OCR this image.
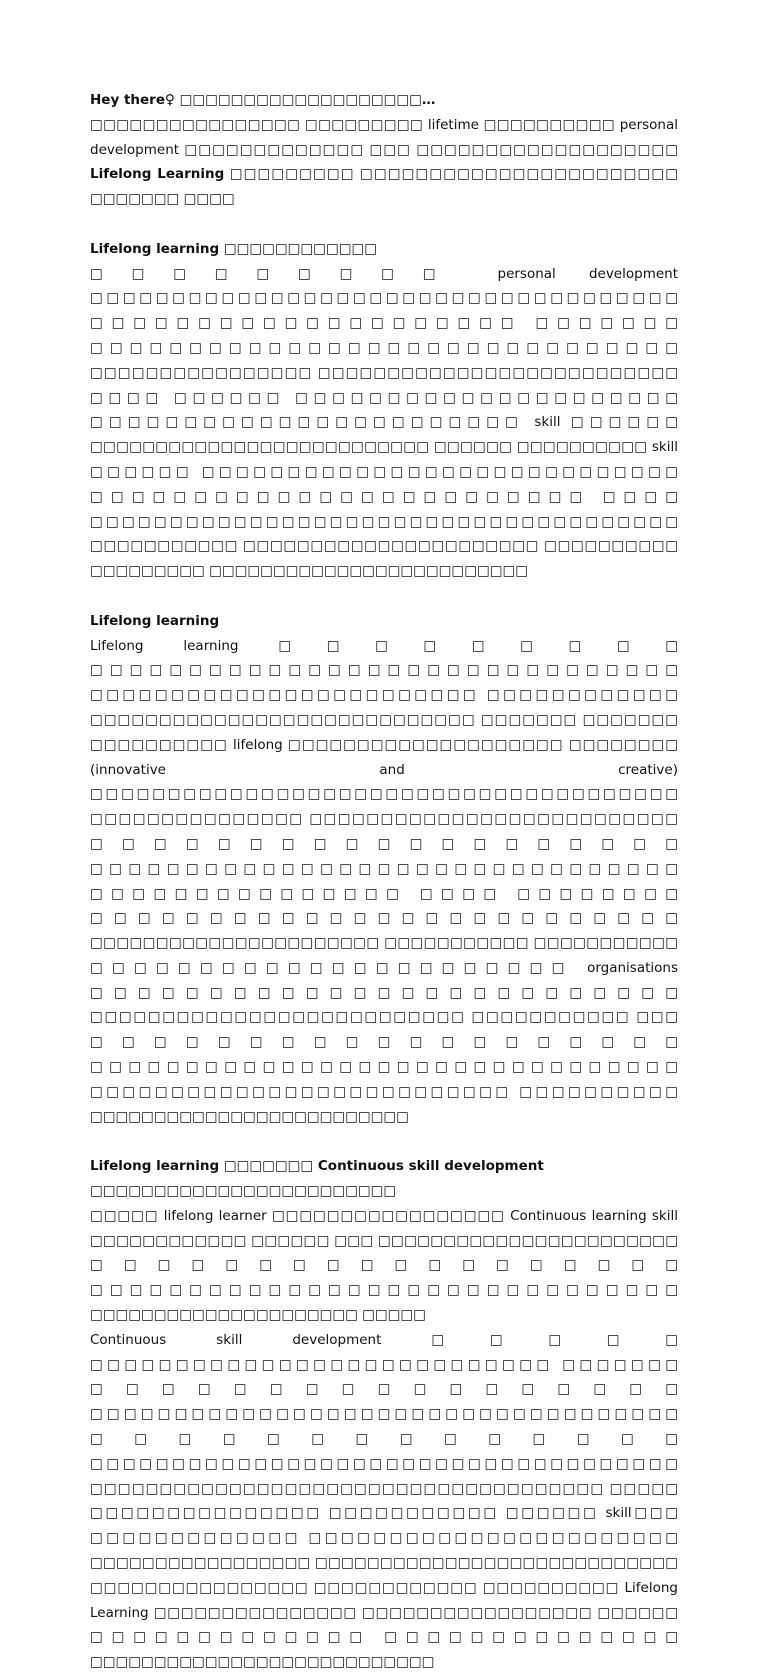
Hey there♀ □□□□□□□□□□□□□□□□□□□…

□□□□□□□□□□□□□□□□ □□□□□□□□□ lifetime □□□□□□□□□□ personal development □□□□□□□□□□□□□ □□□ □□□□□□□□□□□□□□□□□□□ Lifelong Learning □□□□□□□□□ □□□□□□□□□□□□□□□□□□□□□□□ □□□□□□□ □□□□

Lifelong learning □□□□□□□□□□□□

□□□□□□□□□ personal development □□□□□□□□□□□□□□□□□□□□□□□□□□□□□□□□□□□□ □□□□□□□□□□□□□□□□□□□□ □□□□□□□ □□□□□□□□□□□□□□□□□□□□□□□□□□□□□□ □□□□□□□□□□□□□□□□ □□□□□□□□□□□□□□□□□□□□□□□□□□ □□□□ □□□□□□ □□□□□□□□□□□□□□□□□□□□□ □□□□□□□□□□□□□□□□□□□□□□□ skill □□□□□□ □□□□□□□□□□□□□□□□□□□□□□□□□□ □□□□□□ □□□□□□□□□□ skill □□□□□□ □□□□□□□□□□□□□□□□□□□□□□□□□□□□ □□□□□□□□□□□□□□□□□□□□□□□□ □□□□ □□□□□□□□□□□□□□□□□□□□□□□□□□□□□□□□□□□□□ □□□□□□□□□□□ □□□□□□□□□□□□□□□□□□□□□□ □□□□□□□□□□ □□□□□□□□□ □□□□□□□□□□□□□□□□□□□□□□□□□

Lifelong learning

Lifelong learning □□□□□□□□□ □□□□□□□□□□□□□□□□□□□□□□□□□□□□□□ □□□□□□□□□□□□□□□□□□□□□□□□ □□□□□□□□□□□□ □□□□□□□□□□□□□□□□□□□□□□□□□□□□ □□□□□□□ □□□□□□□ □□□□□□□□□□ lifelong □□□□□□□□□□□□□□□□□□□□ □□□□□□□□ (innovative and creative) □□□□□□□□□□□□□□□□□□□□□□□□□□□□□□□□□□□□□□ □□□□□□□□□□□□□□□ □□□□□□□□□□□□□□□□□□□□□□□□□□ □□□□□□□□□□□□□□□□□□□ □□□□□□□□□□□□□□□□□□□□□□□□□□□□□□□ □□□□□□□□□□□□□□□ □□□□ □□□□□□□□ □□□□□□□□□□□□□□□□□□□□□□□□□ □□□□□□□□□□□□□□□□□□□□□□ □□□□□□□□□□□ □□□□□□□□□□□ □□□□□□□□□□□□□□□□□□□□□□ organisations □□□□□□□□□□□□□□□□□□□□□□□□□ □□□□□□□□□□□□□□□□□□□□□□□□□□ □□□□□□□□□□□ □□□ □□□□□□□□□□□□□□□□□□□ □□□□□□□□□□□□□□□□□□□□□□□□□□□□□□□ □□□□□□□□□□□□□□□□□□□□□□□□□□ □□□□□□□□□□ □□□□□□□□□□□□□□□□□□□□□□□□□

Lifelong learning □□□□□□□ Continuous skill development □□□□□□□□□□□□□□□□□□□□□□□□

□□□□□ lifelong learner □□□□□□□□□□□□□□□□□ Continuous learning skill □□□□□□□□□□□□ □□□□□□ □□□ □□□□□□□□□□□□□□□□□□□□□□□ □□□□□□□□□□□□□□□□□□ □□□□□□□□□□□□□□□□□□□□□□□□□□□□□□ □□□□□□□□□□□□□□□□□□□□□ □□□□□

Continuous skill development □□□□□ □□□□□□□□□□□□□□□□□□□□□□□□□□□ □□□□□□□ □□□□□□□□□□□□□□□□□ □□□□□□□□□□□□□□□□□□□□□□□□□□□□□□□□□□□ □□□□□□□□□□□□□□ □□□□□□□□□□□□□□□□□□□□□□□□□□□□□□□□□□□□ □□□□□□□□□□□□□□□□□□□□□□□□□□□□□□□□□□□□□ □□□□□ □□□□□□□□□□□□□□□ □□□□□□□□□□□ □□□□□□ skill□□□ □□□□□□□□□□□□□ □□□□□□□□□□□□□□□□□□□□□□□ □□□□□□□□□□□□□□□□□ □□□□□□□□□□□□□□□□□□□□□□□□□□□□ □□□□□□□□□□□□□□□□ □□□□□□□□□□□□ □□□□□□□□□□ Lifelong Learning □□□□□□□□□□□□□□□ □□□□□□□□□□□□□□□□□ □□□□□□ □□□□□□□□□□□□□ □□□□□□□□□□□□□□ □□□□□□□□□□□□□□□□□□□□□□□□□□□
